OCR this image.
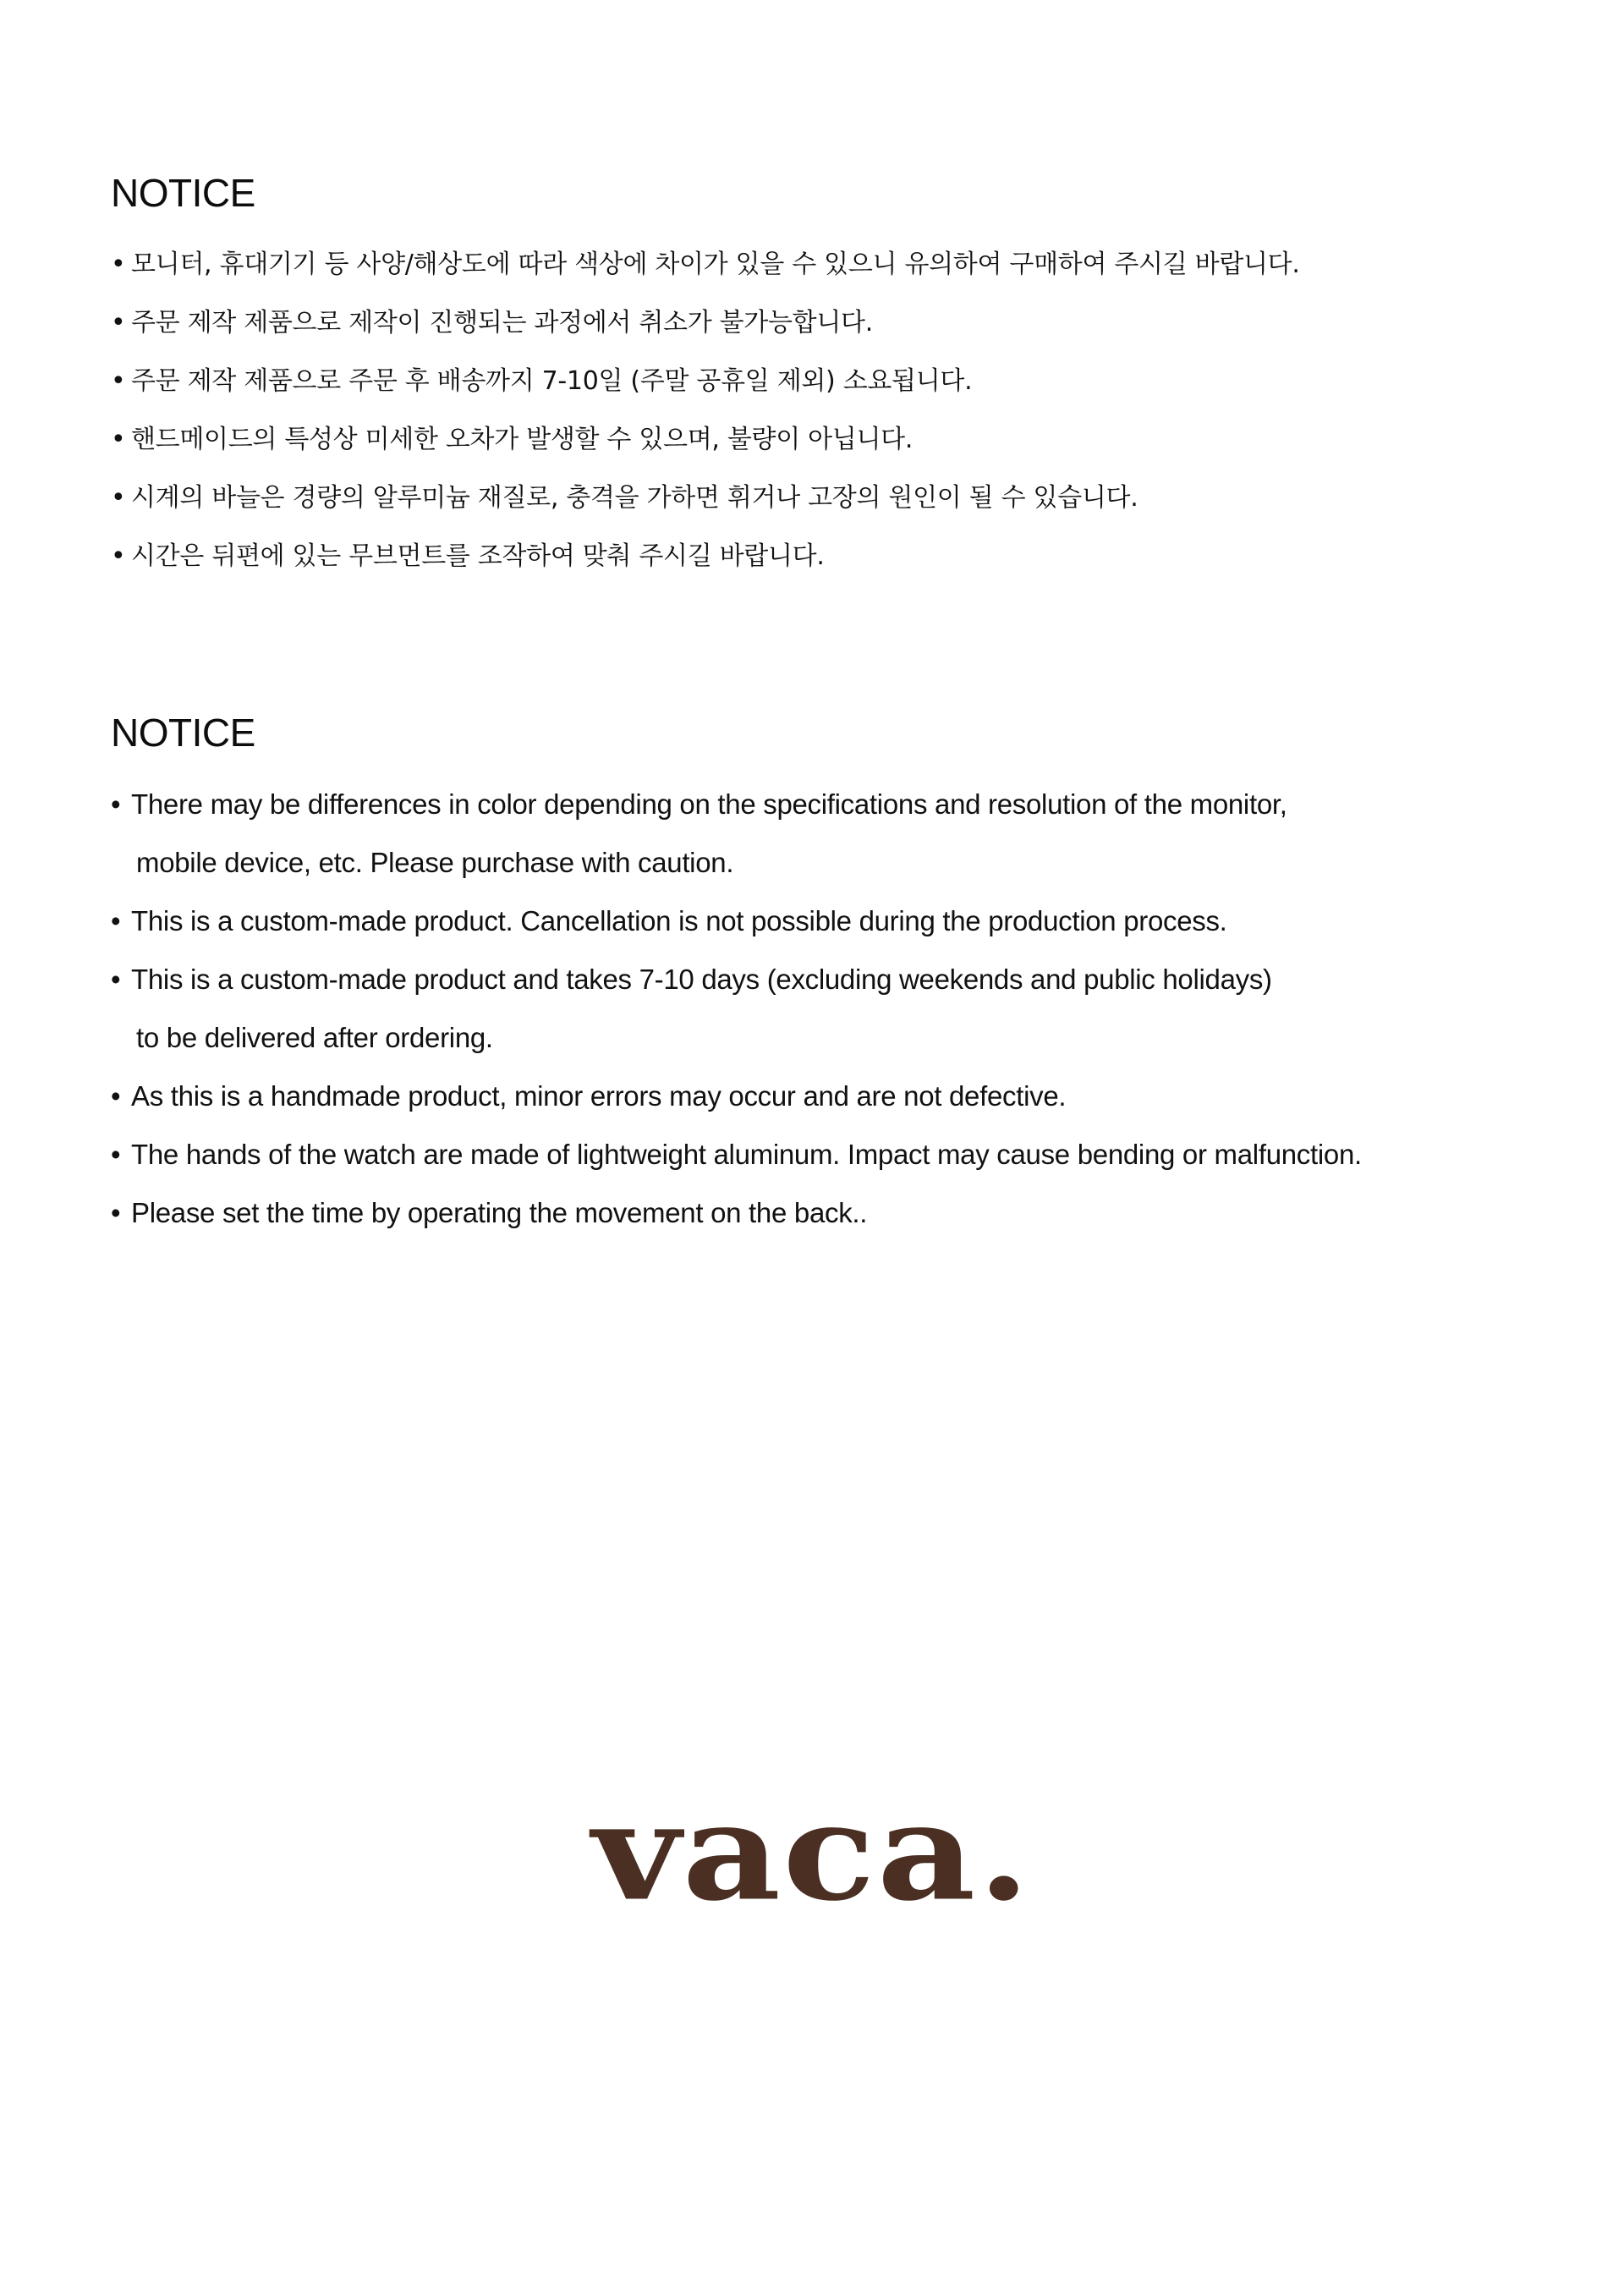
NOTICE
• 모니터, 휴대기기 등 사양/해상도에 따라 색상에 차이가 있을 수 있으니 유의하여 구매하여 주시길 바랍니다.
• 주문 제작 제품으로 제작이 진행되는 과정에서 취소가 불가능합니다.
• 주문 제작 제품으로 주문 후 배송까지 7-10일 (주말 공휴일 제외) 소요됩니다.
• 핸드메이드의 특성상 미세한 오차가 발생할 수 있으며, 불량이 아닙니다.
• 시계의 바늘은 경량의 알루미늄 재질로, 충격을 가하면 휘거나 고장의 원인이 될 수 있습니다.
• 시간은 뒤편에 있는 무브먼트를 조작하여 맞춰 주시길 바랍니다.
NOTICE
• There may be differences in color depending on the specifications and resolution of the monitor,
mobile device, etc. Please purchase with caution.
• This is a custom-made product. Cancellation is not possible during the production process.
• This is a custom-made product and takes 7-10 days (excluding weekends and public holidays)
to be delivered after ordering.
• As this is a handmade product, minor errors may occur and are not defective.
• The hands of the watch are made of lightweight aluminum. Impact may cause bending or malfunction.
• Please set the time by operating the movement on the back..
vaca.
